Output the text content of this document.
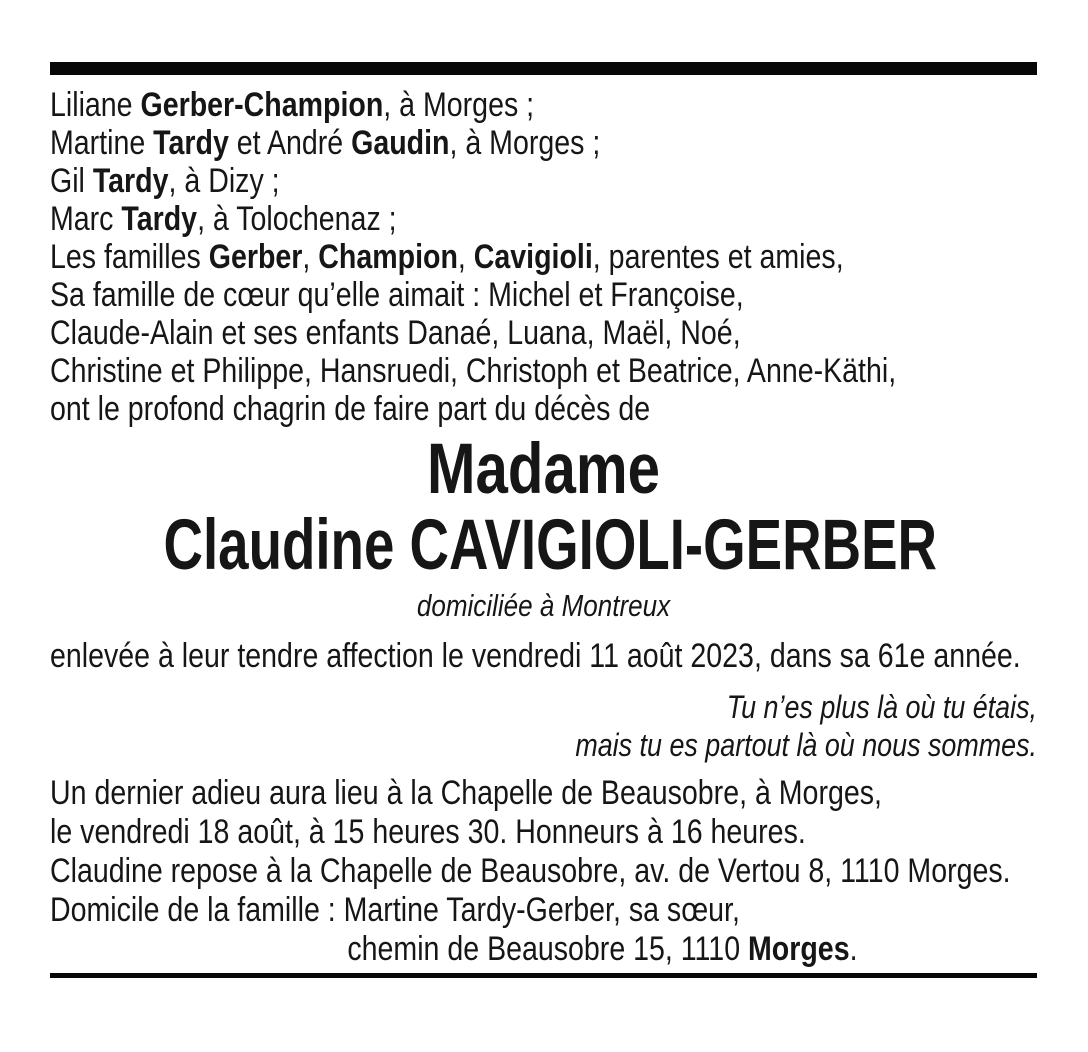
Liliane Gerber-Champion, à Morges ;
Martine Tardy et André Gaudin, à Morges ;
Gil Tardy, à Dizy ;
Marc Tardy, à Tolochenaz ;
Les familles Gerber, Champion, Cavigioli, parentes et amies,
Sa famille de cœur qu’elle aimait : Michel et Françoise,
Claude-Alain et ses enfants Danaé, Luana, Maël, Noé,
Christine et Philippe, Hansruedi, Christoph et Beatrice, Anne-Käthi,
ont le profond chagrin de faire part du décès de
Madame
Claudine CAVIGIOLI-GERBER
domiciliée à Montreux
enlevée à leur tendre affection le vendredi 11 août 2023, dans sa 61e année.
Tu n’es plus là où tu étais,
mais tu es partout là où nous sommes.
Un dernier adieu aura lieu à la Chapelle de Beausobre, à Morges,
le vendredi 18 août, à 15 heures 30. Honneurs à 16 heures.
Claudine repose à la Chapelle de Beausobre, av. de Vertou 8, 1110 Morges.
Domicile de la famille : Martine Tardy-Gerber, sa sœur,
chemin de Beausobre 15, 1110 Morges.
